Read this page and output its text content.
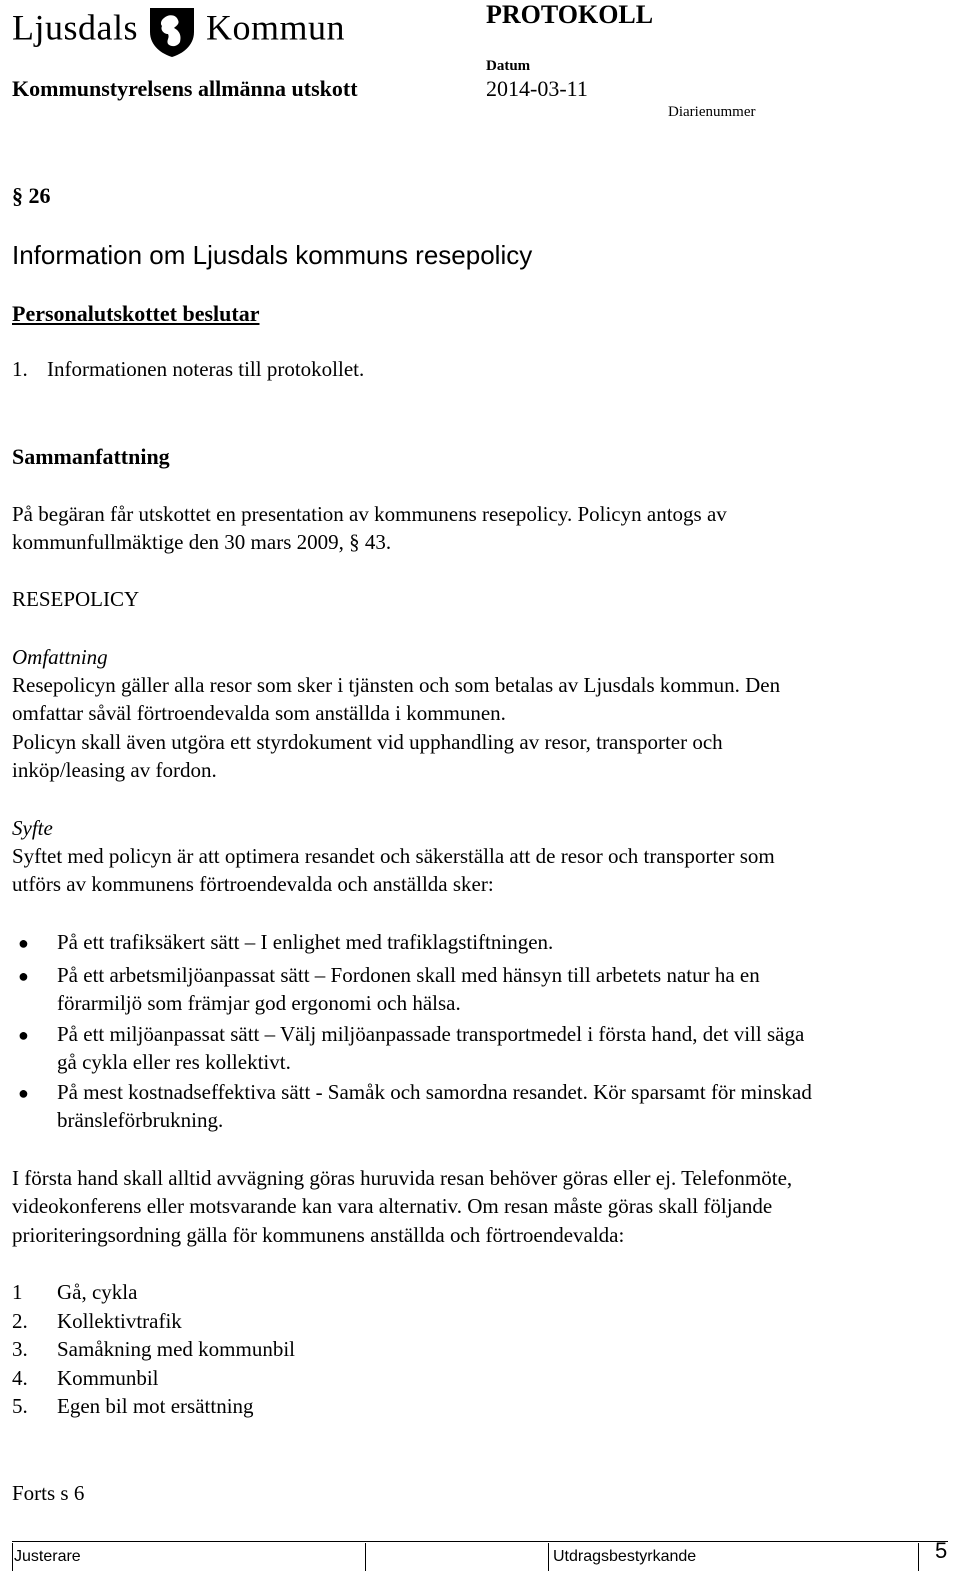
Ljusdals Kommun	PROTOKOLL
Datum
Kommunstyrelsens allmänna utskott	2014-03-11
Diarienummer
§ 26
Information om Ljusdals kommuns resepolicy
Personalutskottet beslutar
1. Informationen noteras till protokollet.
Sammanfattning
På begäran får utskottet en presentation av kommunens resepolicy. Policyn antogs av
kommunfullmäktige den 30 mars 2009, § 43.
RESEPOLICY
Omfattning
Resepolicyn gäller alla resor som sker i tjänsten och som betalas av Ljusdals kommun. Den
omfattar såväl förtroendevalda som anställda i kommunen.
Policyn skall även utgöra ett styrdokument vid upphandling av resor, transporter och
inköp/leasing av fordon.
Syfte
Syftet med policyn är att optimera resandet och säkerställa att de resor och transporter som
utförs av kommunens förtroendevalda och anställda sker:
● På ett trafiksäkert sätt – I enlighet med trafiklagstiftningen.
● På ett arbetsmiljöanpassat sätt – Fordonen skall med hänsyn till arbetets natur ha en
förarmiljö som främjar god ergonomi och hälsa.
● På ett miljöanpassat sätt – Välj miljöanpassade transportmedel i första hand, det vill säga
gå cykla eller res kollektivt.
● På mest kostnadseffektiva sätt - Samåk och samordna resandet. Kör sparsamt för minskad
bränsleförbrukning.
I första hand skall alltid avvägning göras huruvida resan behöver göras eller ej. Telefonmöte,
videokonferens eller motsvarande kan vara alternativ. Om resan måste göras skall följande
prioriteringsordning gälla för kommunens anställda och förtroendevalda:
1 Gå, cykla
2. Kollektivtrafik
3. Samåkning med kommunbil
4. Kommunbil
5. Egen bil mot ersättning
Forts s 6
Justerare	Utdragsbestyrkande	5
